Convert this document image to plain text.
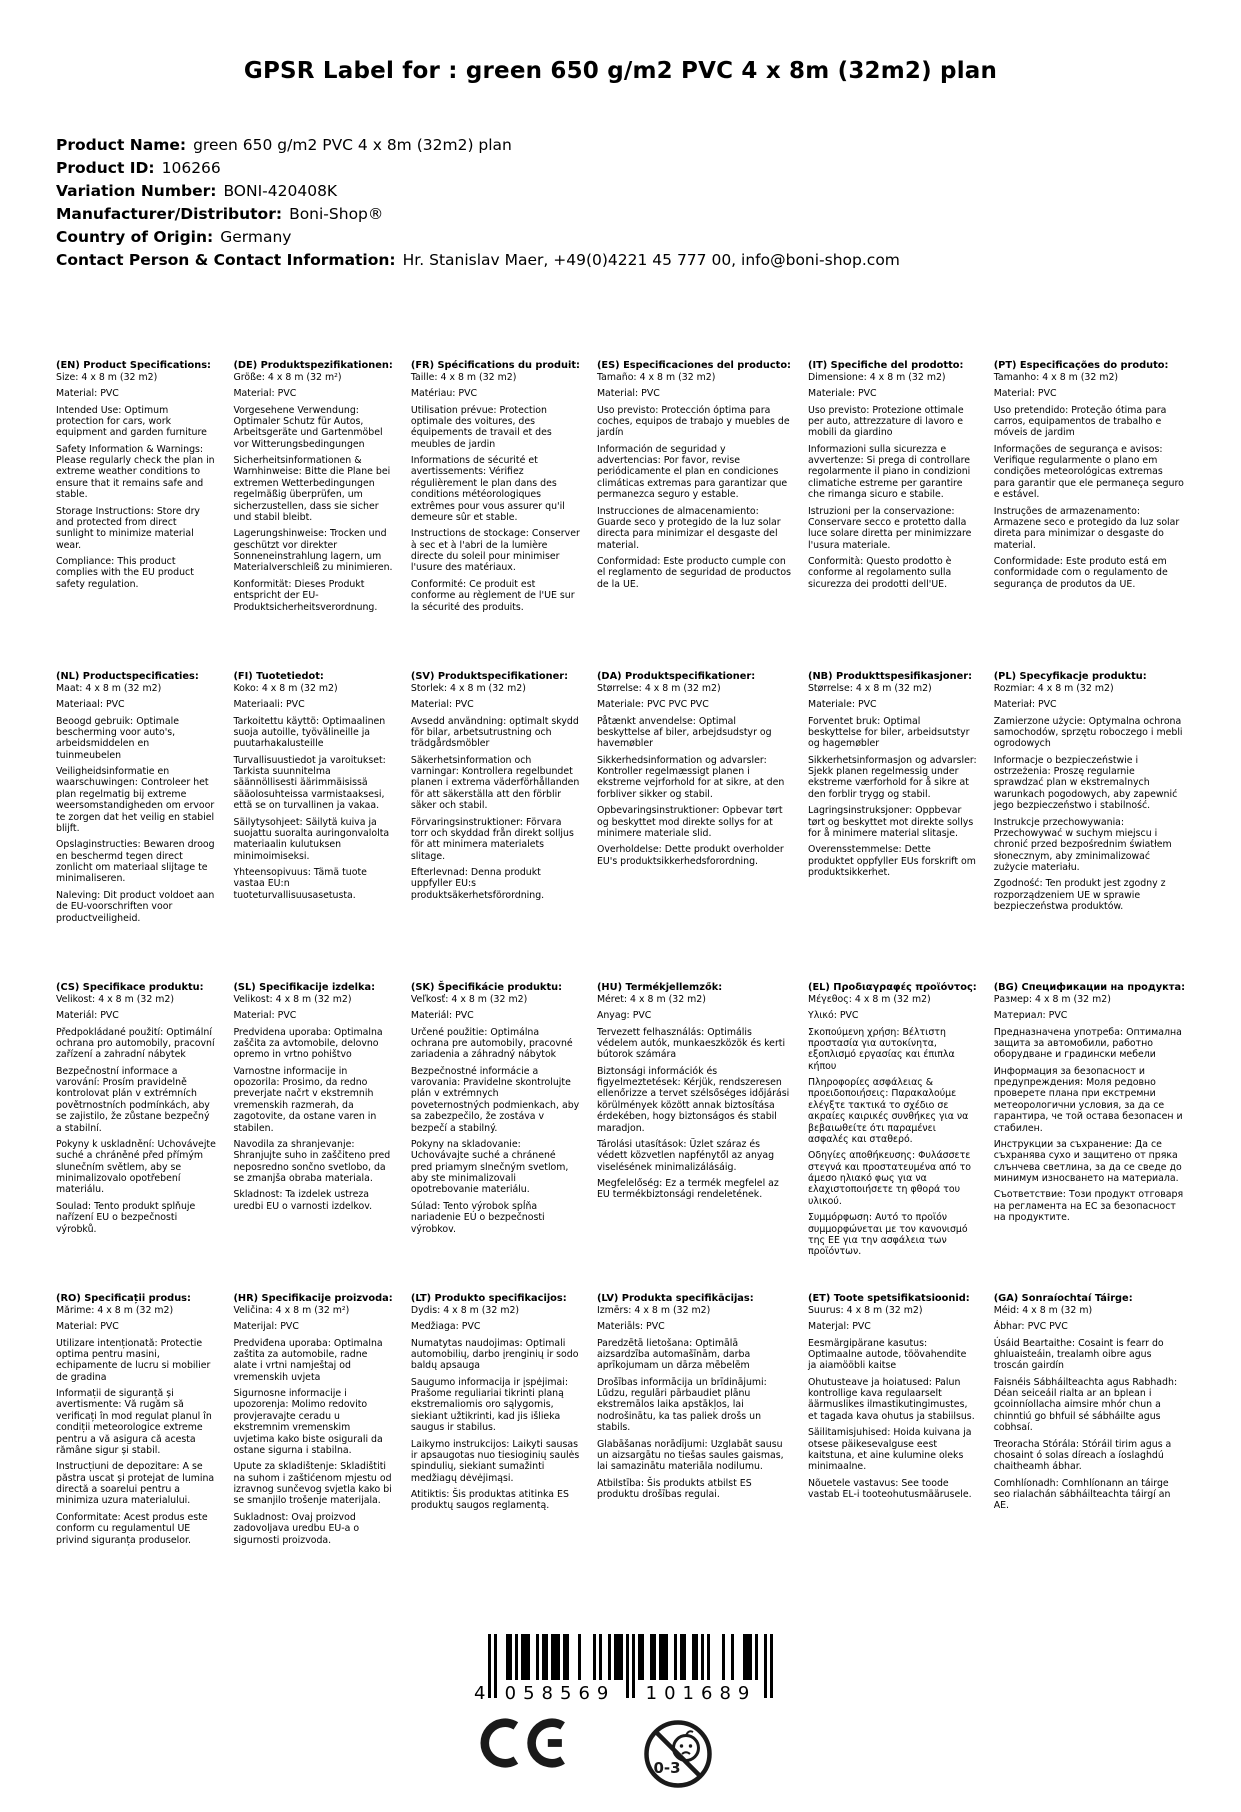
GPSR Label for : green 650 g/m2 PVC 4 x 8m (32m2) plan
Product Name: green 650 g/m2 PVC 4 x 8m (32m2) plan
Product ID: 106266
Variation Number: BONI-420408K
Manufacturer/Distributor: Boni-Shop®
Country of Origin: Germany
Contact Person & Contact Information: Hr. Stanislav Maer, +49(0)4221 45 777 00, info@boni-shop.com
(EN) Product Specifications:

Size: 4 x 8 m (32 m2)

Material: PVC

Intended Use: Optimum protection for cars, work equipment and garden furniture

Safety Information & Warnings: Please regularly check the plan in extreme weather conditions to ensure that it remains safe and stable.

Storage Instructions: Store dry and protected from direct sunlight to minimize material wear.

Compliance: This product complies with the EU product safety regulation.

(DE) Produktspezifikationen:

Größe: 4 x 8 m (32 m²)

Material: PVC

Vorgesehene Verwendung: Optimaler Schutz für Autos, Arbeitsgeräte und Gartenmöbel vor Witterungsbedingungen

Sicherheitsinformationen & Warnhinweise: Bitte die Plane bei extremen Wetterbedingungen regelmäßig überprüfen, um sicherzustellen, dass sie sicher und stabil bleibt.

Lagerungshinweise: Trocken und geschützt vor direkter Sonneneinstrahlung lagern, um Materialverschleiß zu minimieren.

Konformität: Dieses Produkt entspricht der EU-Produktsicherheitsverordnung.

(FR) Spécifications du produit:

Taille: 4 x 8 m (32 m2)

Matériau: PVC

Utilisation prévue: Protection optimale des voitures, des équipements de travail et des meubles de jardin

Informations de sécurité et avertissements: Vérifiez régulièrement le plan dans des conditions météorologiques extrêmes pour vous assurer qu'il demeure sûr et stable.

Instructions de stockage: Conserver à sec et à l'abri de la lumière directe du soleil pour minimiser l'usure des matériaux.

Conformité: Ce produit est conforme au règlement de l'UE sur la sécurité des produits.

(ES) Especificaciones del producto:

Tamaño: 4 x 8 m (32 m2)

Material: PVC

Uso previsto: Protección óptima para coches, equipos de trabajo y muebles de jardín

Información de seguridad y advertencias: Por favor, revise periódicamente el plan en condiciones climáticas extremas para garantizar que permanezca seguro y estable.

Instrucciones de almacenamiento: Guarde seco y protegido de la luz solar directa para minimizar el desgaste del material.

Conformidad: Este producto cumple con el reglamento de seguridad de productos de la UE.

(IT) Specifiche del prodotto:

Dimensione: 4 x 8 m (32 m2)

Materiale: PVC

Uso previsto: Protezione ottimale per auto, attrezzature di lavoro e mobili da giardino

Informazioni sulla sicurezza e avvertenze: Si prega di controllare regolarmente il piano in condizioni climatiche estreme per garantire che rimanga sicuro e stabile.

Istruzioni per la conservazione: Conservare secco e protetto dalla luce solare diretta per minimizzare l'usura materiale.

Conformità: Questo prodotto è conforme al regolamento sulla sicurezza dei prodotti dell'UE.

(PT) Especificações do produto:

Tamanho: 4 x 8 m (32 m2)

Material: PVC

Uso pretendido: Proteção ótima para carros, equipamentos de trabalho e móveis de jardim

Informações de segurança e avisos: Verifique regularmente o plano em condições meteorológicas extremas para garantir que ele permaneça seguro e estável.

Instruções de armazenamento: Armazene seco e protegido da luz solar direta para minimizar o desgaste do material.

Conformidade: Este produto está em conformidade com o regulamento de segurança de produtos da UE.

(NL) Productspecificaties:

Maat: 4 x 8 m (32 m2)

Materiaal: PVC

Beoogd gebruik: Optimale bescherming voor auto's, arbeidsmiddelen en tuinmeubelen

Veiligheidsinformatie en waarschuwingen: Controleer het plan regelmatig bij extreme weersomstandigheden om ervoor te zorgen dat het veilig en stabiel blijft.

Opslaginstructies: Bewaren droog en beschermd tegen direct zonlicht om materiaal slijtage te minimaliseren.

Naleving: Dit product voldoet aan de EU-voorschriften voor productveiligheid.

(FI) Tuotetiedot:

Koko: 4 x 8 m (32 m2)

Materiaali: PVC

Tarkoitettu käyttö: Optimaalinen suoja autoille, työvälineille ja puutarhakalusteille

Turvallisuustiedot ja varoitukset: Tarkista suunnitelma säännöllisesti äärimmäisissä sääolosuhteissa varmistaaksesi, että se on turvallinen ja vakaa.

Säilytysohjeet: Säilytä kuiva ja suojattu suoralta auringonvalolta materiaalin kulutuksen minimoimiseksi.

Yhteensopivuus: Tämä tuote vastaa EU:n tuoteturvallisuusasetusta.

(SV) Produktspecifikationer:

Storlek: 4 x 8 m (32 m2)

Material: PVC

Avsedd användning: optimalt skydd för bilar, arbetsutrustning och trädgårdsmöbler

Säkerhetsinformation och varningar: Kontrollera regelbundet planen i extrema väderförhållanden för att säkerställa att den förblir säker och stabil.

Förvaringsinstruktioner: Förvara torr och skyddad från direkt solljus för att minimera materialets slitage.

Efterlevnad: Denna produkt uppfyller EU:s produktsäkerhetsförordning.

(DA) Produktspecifikationer:

Størrelse: 4 x 8 m (32 m2)

Materiale: PVC PVC PVC

Påtænkt anvendelse: Optimal beskyttelse af biler, arbejdsudstyr og havemøbler

Sikkerhedsinformation og advarsler: Kontroller regelmæssigt planen i ekstreme vejrforhold for at sikre, at den forbliver sikker og stabil.

Opbevaringsinstruktioner: Opbevar tørt og beskyttet mod direkte sollys for at minimere materiale slid.

Overholdelse: Dette produkt overholder EU's produktsikkerhedsforordning.

(NB) Produkttspesifikasjoner:

Størrelse: 4 x 8 m (32 m2)

Materiale: PVC

Forventet bruk: Optimal beskyttelse for biler, arbeidsutstyr og hagemøbler

Sikkerhetsinformasjon og advarsler: Sjekk planen regelmessig under ekstreme værforhold for å sikre at den forblir trygg og stabil.

Lagringsinstruksjoner: Oppbevar tørt og beskyttet mot direkte sollys for å minimere material slitasje.

Overensstemmelse: Dette produktet oppfyller EUs forskrift om produktsikkerhet.

(PL) Specyfikacje produktu:

Rozmiar: 4 x 8 m (32 m2)

Materiał: PVC

Zamierzone użycie: Optymalna ochrona samochodów, sprzętu roboczego i mebli ogrodowych

Informacje o bezpieczeństwie i ostrzeżenia: Proszę regularnie sprawdzać plan w ekstremalnych warunkach pogodowych, aby zapewnić jego bezpieczeństwo i stabilność.

Instrukcje przechowywania: Przechowywać w suchym miejscu i chronić przed bezpośrednim światłem słonecznym, aby zminimalizować zużycie materiału.

Zgodność: Ten produkt jest zgodny z rozporządzeniem UE w sprawie bezpieczeństwa produktów.

(CS) Specifikace produktu:

Velikost: 4 x 8 m (32 m2)

Materiál: PVC

Předpokládané použití: Optimální ochrana pro automobily, pracovní zařízení a zahradní nábytek

Bezpečnostní informace a varování: Prosím pravidelně kontrolovat plán v extrémních povětrnostních podmínkách, aby se zajistilo, že zůstane bezpečný a stabilní.

Pokyny k uskladnění: Uchovávejte suché a chráněné před přímým slunečním světlem, aby se minimalizovalo opotřebení materiálu.

Soulad: Tento produkt splňuje nařízení EU o bezpečnosti výrobků.

(SL) Specifikacije izdelka:

Velikost: 4 x 8 m (32 m2)

Material: PVC

Predvidena uporaba: Optimalna zaščita za avtomobile, delovno opremo in vrtno pohištvo

Varnostne informacije in opozorila: Prosimo, da redno preverjate načrt v ekstremnih vremenskih razmerah, da zagotovite, da ostane varen in stabilen.

Navodila za shranjevanje: Shranjujte suho in zaščiteno pred neposredno sončno svetlobo, da se zmanjša obraba materiala.

Skladnost: Ta izdelek ustreza uredbi EU o varnosti izdelkov.

(SK) Špecifikácie produktu:

Veľkosť: 4 x 8 m (32 m2)

Materiál: PVC

Určené použitie: Optimálna ochrana pre automobily, pracovné zariadenia a záhradný nábytok

Bezpečnostné informácie a varovania: Pravidelne skontrolujte plán v extrémnych poveternostných podmienkach, aby sa zabezpečilo, že zostáva v bezpečí a stabilný.

Pokyny na skladovanie: Uchovávajte suché a chránené pred priamym slnečným svetlom, aby ste minimalizovali opotrebovanie materiálu.

Súlad: Tento výrobok spĺňa nariadenie EÚ o bezpečnosti výrobkov.

(HU) Termékjellemzők:

Méret: 4 x 8 m (32 m2)

Anyag: PVC

Tervezett felhasználás: Optimális védelem autók, munkaeszközök és kerti bútorok számára

Biztonsági információk és figyelmeztetések: Kérjük, rendszeresen ellenőrizze a tervet szélsőséges időjárási körülmények között annak biztosítása érdekében, hogy biztonságos és stabil maradjon.

Tárolási utasítások: Üzlet száraz és védett közvetlen napfénytől az anyag viselésének minimalizálásáig.

Megfelelőség: Ez a termék megfelel az EU termékbiztonsági rendeletének.

(EL) Προδιαγραφές προϊόντος:

Μέγεθος: 4 x 8 m (32 m2)

Υλικό: PVC

Σκοπούμενη χρήση: Βέλτιστη προστασία για αυτοκίνητα, εξοπλισμό εργασίας και έπιπλα κήπου

Πληροφορίες ασφάλειας & προειδοποιήσεις: Παρακαλούμε ελέγξτε τακτικά το σχέδιο σε ακραίες καιρικές συνθήκες για να βεβαιωθείτε ότι παραμένει ασφαλές και σταθερό.

Οδηγίες αποθήκευσης: Φυλάσσετε στεγνά και προστατευμένα από το άμεσο ηλιακό φως για να ελαχιστοποιήσετε τη φθορά του υλικού.

Συμμόρφωση: Αυτό το προϊόν συμμορφώνεται με τον κανονισμό της ΕΕ για την ασφάλεια των προϊόντων.

(BG) Спецификации на продукта:

Размер: 4 x 8 m (32 m2)

Материал: PVC

Предназначена употреба: Оптимална защита за автомобили, работно оборудване и градински мебели

Информация за безопасност и предупреждения: Моля редовно проверете плана при екстремни метеорологични условия, за да се гарантира, че той остава безопасен и стабилен.

Инструкции за съхранение: Да се съхранява сухо и защитено от пряка слънчева светлина, за да се сведе до минимум износването на материала.

Съответствие: Този продукт отговаря на регламента на ЕС за безопасност на продуктите.

(RO) Specificații produs:

Mărime: 4 x 8 m (32 m2)

Material: PVC

Utilizare intenționată: Protectie optima pentru masini, echipamente de lucru si mobilier de gradina

Informații de siguranță și avertismente: Vă rugăm să verificați în mod regulat planul în condiții meteorologice extreme pentru a vă asigura că acesta rămâne sigur și stabil.

Instrucțiuni de depozitare: A se păstra uscat și protejat de lumina directă a soarelui pentru a minimiza uzura materialului.

Conformitate: Acest produs este conform cu regulamentul UE privind siguranța produselor.

(HR) Specifikacije proizvoda:

Veličina: 4 x 8 m (32 m²)

Materijal: PVC

Predviđena uporaba: Optimalna zaštita za automobile, radne alate i vrtni namještaj od vremenskih uvjeta

Sigurnosne informacije i upozorenja: Molimo redovito provjeravajte ceradu u ekstremnim vremenskim uvjetima kako biste osigurali da ostane sigurna i stabilna.

Upute za skladištenje: Skladištiti na suhom i zaštićenom mjestu od izravnog sunčevog svjetla kako bi se smanjilo trošenje materijala.

Sukladnost: Ovaj proizvod zadovoljava uredbu EU-a o sigurnosti proizvoda.

(LT) Produkto specifikacijos:

Dydis: 4 x 8 m (32 m2)

Medžiaga: PVC

Numatytas naudojimas: Optimali automobilių, darbo įrenginių ir sodo baldų apsauga

Saugumo informacija ir įspėjimai: Prašome reguliariai tikrinti planą ekstremaliomis oro sąlygomis, siekiant užtikrinti, kad jis išlieka saugus ir stabilus.

Laikymo instrukcijos: Laikyti sausas ir apsaugotas nuo tiesioginių saulės spindulių, siekiant sumažinti medžiagų dėvėjimąsi.

Atitiktis: Šis produktas atitinka ES produktų saugos reglamentą.

(LV) Produkta specifikācijas:

Izmērs: 4 x 8 m (32 m2)

Materiāls: PVC

Paredzētā lietošana: Optimālā aizsardzība automašīnām, darba aprīkojumam un dārza mēbelēm

Drošības informācija un brīdinājumi: Lūdzu, regulāri pārbaudiet plānu ekstremālos laika apstākļos, lai nodrošinātu, ka tas paliek drošs un stabils.

Glabāšanas norādījumi: Uzglabāt sausu un aizsargātu no tiešas saules gaismas, lai samazinātu materiāla nodilumu.

Atbilstība: Šis produkts atbilst ES produktu drošības regulai.

(ET) Toote spetsifikatsioonid:

Suurus: 4 x 8 m (32 m2)

Materjal: PVC

Eesmärgipärane kasutus: Optimaalne autode, töövahendite ja aiamööbli kaitse

Ohutusteave ja hoiatused: Palun kontrollige kava regulaarselt äärmuslikes ilmastikutingimustes, et tagada kava ohutus ja stabiilsus.

Säilitamisjuhised: Hoida kuivana ja otsese päikesevalguse eest kaitstuna, et aine kulumine oleks minimaalne.

Nõuetele vastavus: See toode vastab EL-i tooteohutusmäärusele.

(GA) Sonraíochtaí Táirge:

Méid: 4 x 8 m (32 m)

Ábhar: PVC PVC

Úsáid Beartaithe: Cosaint is fearr do ghluaisteáin, trealamh oibre agus troscán gairdín

Faisnéis Sábháilteachta agus Rabhadh: Déan seiceáil rialta ar an bplean i gcoinníollacha aimsire mhór chun a chinntiú go bhfuil sé sábháilte agus cobhsaí.

Treoracha Stórála: Stóráil tirim agus a chosaint ó solas díreach a íoslaghdú chaitheamh ábhar.

Comhlíonadh: Comhlíonann an táirge seo rialachán sábháilteachta táirgí an AE.

4 058569 101689
0-3
